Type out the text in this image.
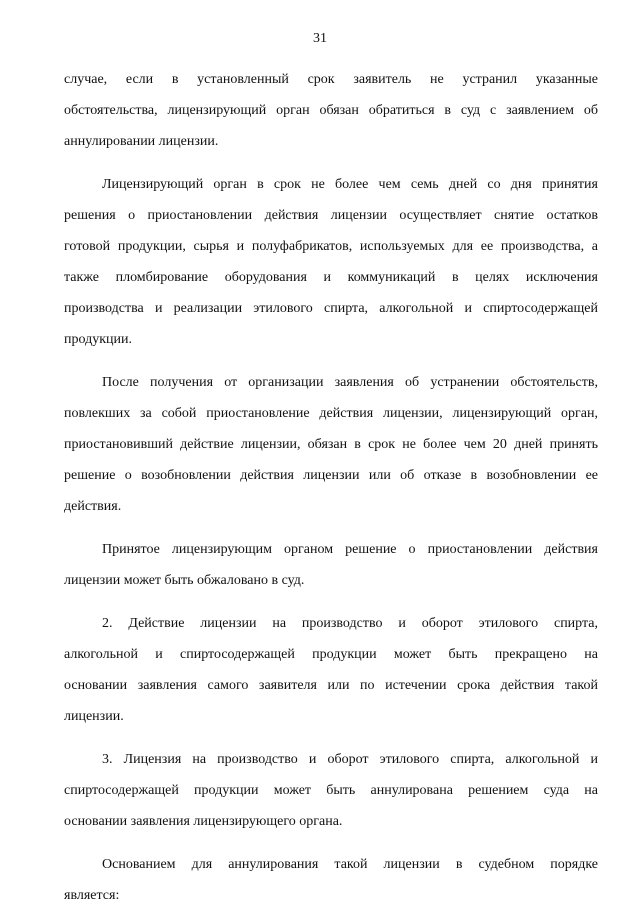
31

случае, если в установленный срок заявитель не устранил указанные
обстоятельства, лицензирующий орган обязан обратиться в суд с заявлением об
аннулировании лицензии.

Лицензирующий орган в срок не более чем семь дней со дня принятия
решения о приостановлении действия лицензии осуществляет снятие остатков
готовой продукции, сырья и полуфабрикатов, используемых для ее производства, а
также пломбирование оборудования и коммуникаций в целях исключения
производства и реализации этилового спирта, алкогольной и спиртосодержащей
продукции.

После получения от организации заявления об устранении обстоятельств,
повлекших за собой приостановление действия лицензии, лицензирующий орган,
приостановивший действие лицензии, обязан в срок не более чем 20 дней принять
решение о возобновлении действия лицензии или об отказе в возобновлении ее
действия.

Принятое лицензирующим органом решение о приостановлении действия
лицензии может быть обжаловано в суд.

2. Действие лицензии на производство и оборот этилового спирта,
алкогольной и спиртосодержащей продукции может быть прекращено на
основании заявления самого заявителя или по истечении срока действия такой
лицензии.

3. Лицензия на производство и оборот этилового спирта, алкогольной и
спиртосодержащей продукции может быть аннулирована решением суда на
основании заявления лицензирующего органа.

Основанием для аннулирования такой лицензии в судебном порядке
является:
